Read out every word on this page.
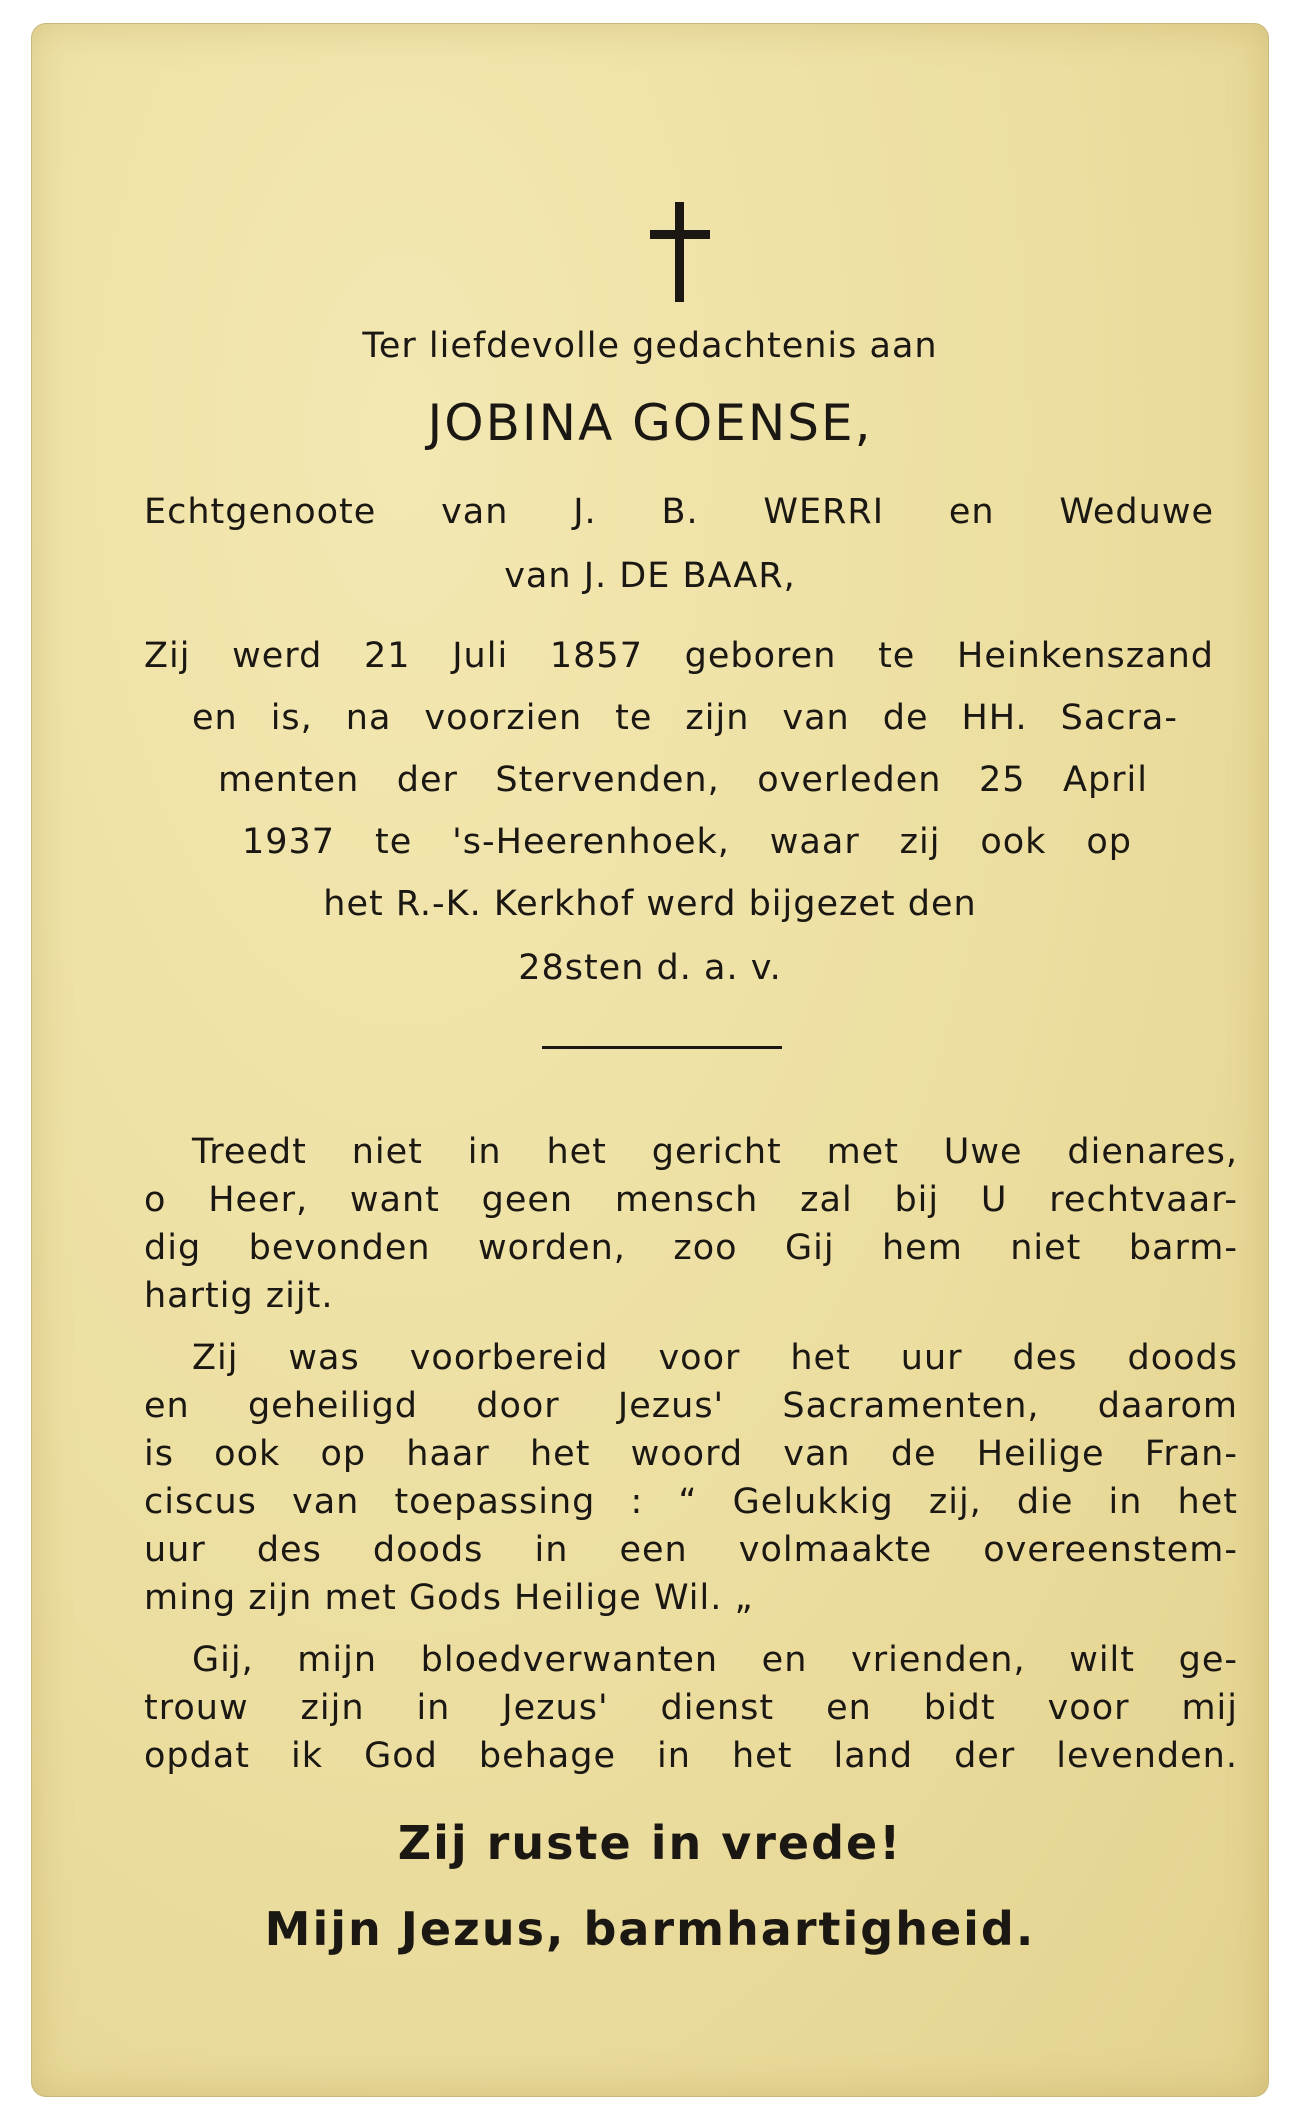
Ter liefdevolle gedachtenis aan
JOBINA GOENSE,
Echtgenoote van J. B. WERRI en Weduwe
van J. DE BAAR,
Zij werd 21 Juli 1857 geboren te Heinkenszand
en is, na voorzien te zijn van de HH. Sacra-
menten der Stervenden, overleden 25 April
1937 te 's-Heerenhoek, waar zij ook op
het R.-K. Kerkhof werd bijgezet den
28sten d. a. v.
Treedt niet in het gericht met Uwe dienares,
o Heer, want geen mensch zal bij U rechtvaar-
dig bevonden worden, zoo Gij hem niet barm-
hartig zijt.
Zij was voorbereid voor het uur des doods
en geheiligd door Jezus' Sacramenten, daarom
is ook op haar het woord van de Heilige Fran-
ciscus van toepassing : “ Gelukkig zij, die in het
uur des doods in een volmaakte overeenstem-
ming zijn met Gods Heilige Wil. „
Gij, mijn bloedverwanten en vrienden, wilt ge-
trouw zijn in Jezus' dienst en bidt voor mij
opdat ik God behage in het land der levenden.
Zij ruste in vrede!
Mijn Jezus, barmhartigheid.
